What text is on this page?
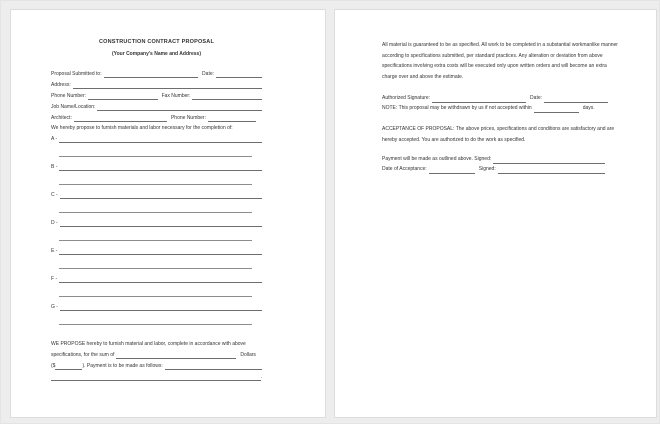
CONSTRUCTION CONTRACT PROPOSAL
(Your Company's Name and Address)
Proposal Submitted to:	Date:
Address:
Phone Number:	Fax Number:
Job Name/Location:
Architect:	Phone Number:
We hereby propose to furnish materials and labor necessary for the completion of:
A -
B -
C -
D -
E -
F -
G -
WE PROPOSE hereby to furnish material and labor, complete in accordance with above
specifications, for the sum of	Dollars
($	). Payment is to be made as follows:
.
All material is guaranteed to be as specified. All work to be completed in a substantial workmanlike manner according to specifications submitted, per standard practices. Any alteration or deviation from above specifications involving extra costs will be executed only upon written orders and will become an extra charge over and above the estimate.
Authorized Signature:	Date:
NOTE: This proposal may be withdrawn by us if not accepted within	days.
ACCEPTANCE OF PROPOSAL: The above prices, specifications and conditions are satisfactory and are hereby accepted. You are authorized to do the work as specified.
Payment will be made as outlined above. Signed:
Date of Acceptance:	Signed:
